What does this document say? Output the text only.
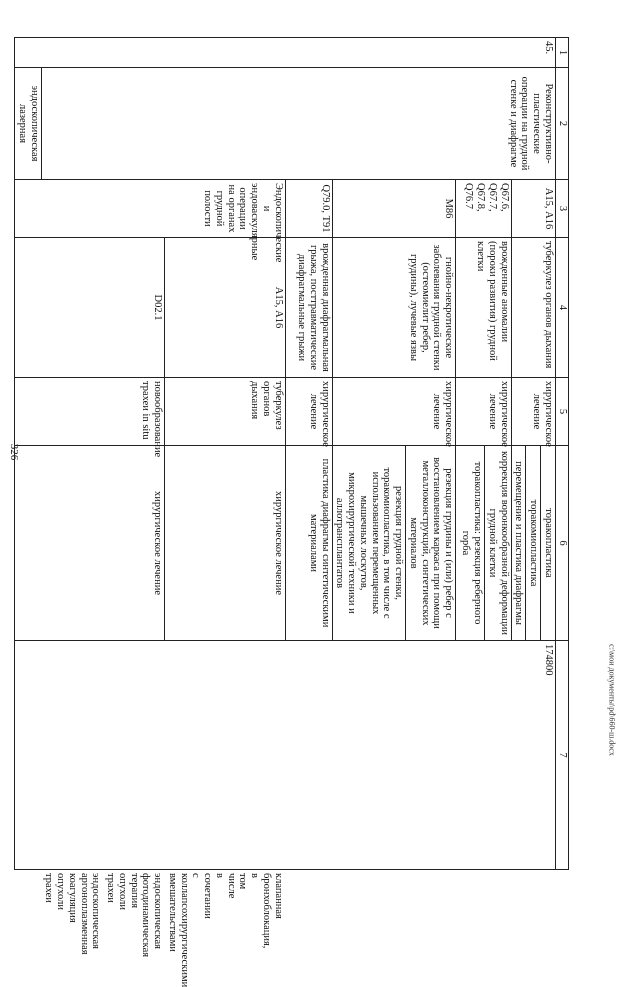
326
c:\мои документы\pd\660-ш.docx
1	2	3	4	5	6	7	
45.	Реконструктивно-пластические операции на грудной стенке и диафрагме	А15, А16	туберкулез органов дыхания	хирургическое лечение	торакопластика	174800	
					торакомиопластика		
					перемещение и пластика диафрагмы		
		Q67.6, Q67.7, Q67.8, Q76.7	врожденные аномалии (пороки развития) грудной клетки	хирургическое лечение	коррекция воронкообразной деформации грудной клетки		
					торакопластика: резекция реберного горба		
		M86	гнойно-некротические заболевания грудной стенки (остеомиелит ребер, грудины), лучевые язвы	хирургическое лечение	резекция грудины и (или) ребер с восстановлением каркаса при помощи металлоконструкций, синтетических материалов		
					резекция грудной стенки, торакомиопластика, в том числе с использованием перемещенных мышечных лоскутов, микрохирургической техники и аллотрансплантатов		
		Q79.0, Т91	врожденная диафрагмальная грыжа, посттравматические диафрагмальные грыжи	хирургическое лечение	пластика диафрагмы синтетическими материалами		
		Эндоскопические и эндоваскулярные операции на органах грудной полости	А15, А16	туберкулез органов дыхания	хирургическое лечение		клапанная бронхоблокация, в том числе в сочетании с коллапсохирургическими вмешательствами
			D02.1	новообразование трахеи in situ	хирургическое лечение		эндоскопическая фотодинамическая терапия опухоли трахеи
							эндоскопическая аргоноплазменная коагуляция опухоли трахеи
	эндоскопическая лазерная						
